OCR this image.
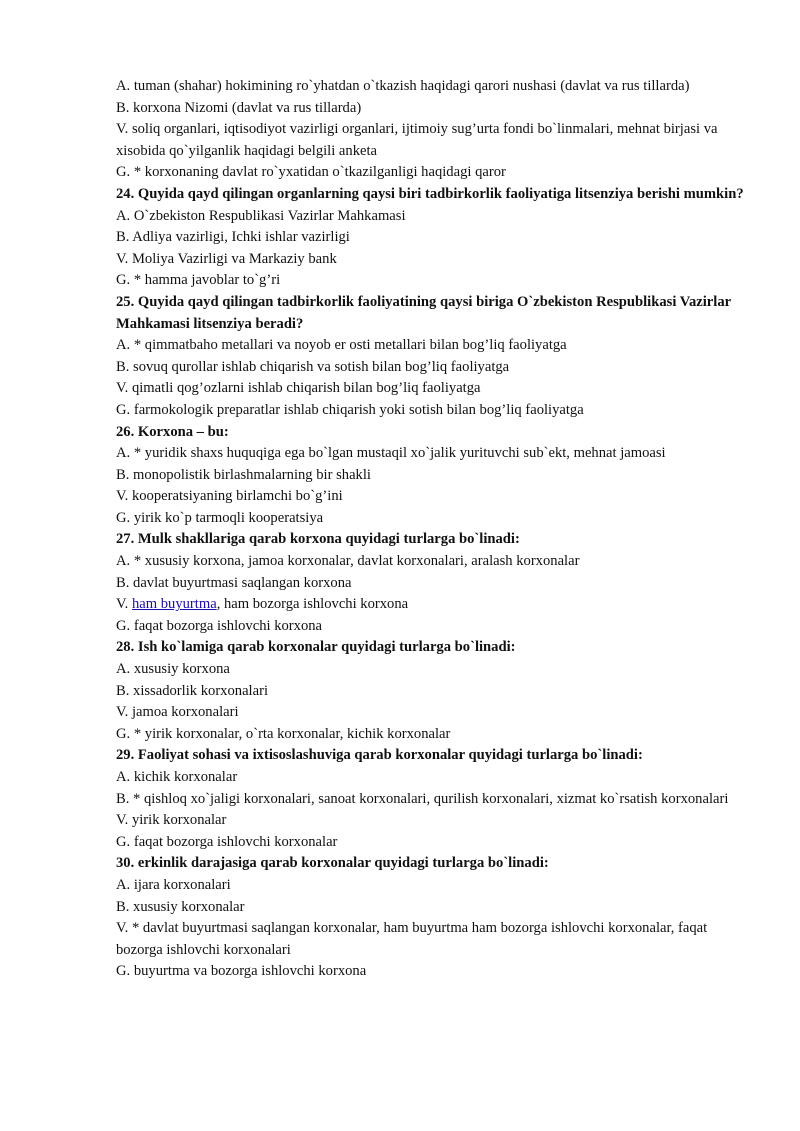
A. tuman (shahar) hokimining ro`yhatdan o`tkazish haqidagi qarori nushasi (davlat va rus tillarda)

B. korxona Nizomi (davlat va rus tillarda)

V. soliq organlari, iqtisodiyot vazirligi organlari, ijtimoiy sug’urta fondi bo`linmalari, mehnat birjasi va xisobida qo`yilganlik haqidagi belgili anketa

G. * korxonaning davlat ro`yxatidan o`tkazilganligi haqidagi qaror

24. Quyida qayd qilingan organlarning qaysi biri tadbirkorlik faoliyatiga litsenziya berishi mumkin?

A. O`zbekiston Respublikasi Vazirlar Mahkamasi

B. Adliya vazirligi, Ichki ishlar vazirligi

V. Moliya Vazirligi va Markaziy bank

G. * hamma javoblar to`g’ri

25. Quyida qayd qilingan tadbirkorlik faoliyatining qaysi biriga O`zbekiston Respublikasi Vazirlar Mahkamasi litsenziya beradi?

A. * qimmatbaho metallari va noyob er osti metallari bilan bog’liq faoliyatga

B. sovuq qurollar ishlab chiqarish va sotish bilan bog’liq faoliyatga

V. qimatli qog’ozlarni ishlab chiqarish bilan bog’liq faoliyatga

G. farmokologik preparatlar ishlab chiqarish yoki sotish bilan bog’liq faoliyatga

26. Korxona – bu:

A. * yuridik shaxs huquqiga ega bo`lgan mustaqil xo`jalik yurituvchi sub`ekt, mehnat jamoasi

B. monopolistik birlashmalarning bir shakli

V. kooperatsiyaning birlamchi bo`g’ini

G. yirik ko`p tarmoqli kooperatsiya

27. Mulk shakllariga qarab korxona quyidagi turlarga bo`linadi:

A. * xususiy korxona, jamoa korxonalar, davlat korxonalari, aralash korxonalar

B. davlat buyurtmasi saqlangan korxona

V. ham buyurtma, ham bozorga ishlovchi korxona

G. faqat bozorga ishlovchi korxona

28. Ish ko`lamiga qarab korxonalar quyidagi turlarga bo`linadi:

A. xususiy korxona

B. xissadorlik korxonalari

V. jamoa korxonalari

G. * yirik korxonalar, o`rta korxonalar, kichik korxonalar

29. Faoliyat sohasi va ixtisoslashuviga qarab korxonalar quyidagi turlarga bo`linadi:

A. kichik korxonalar

B. * qishloq xo`jaligi korxonalari, sanoat korxonalari, qurilish korxonalari, xizmat ko`rsatish korxonalari

V. yirik korxonalar

G. faqat bozorga ishlovchi korxonalar

30. erkinlik darajasiga qarab korxonalar quyidagi turlarga bo`linadi:

A. ijara korxonalari

B. xususiy korxonalar

V. * davlat buyurtmasi saqlangan korxonalar, ham buyurtma ham bozorga ishlovchi korxonalar, faqat bozorga ishlovchi korxonalari

G. buyurtma va bozorga ishlovchi korxona
